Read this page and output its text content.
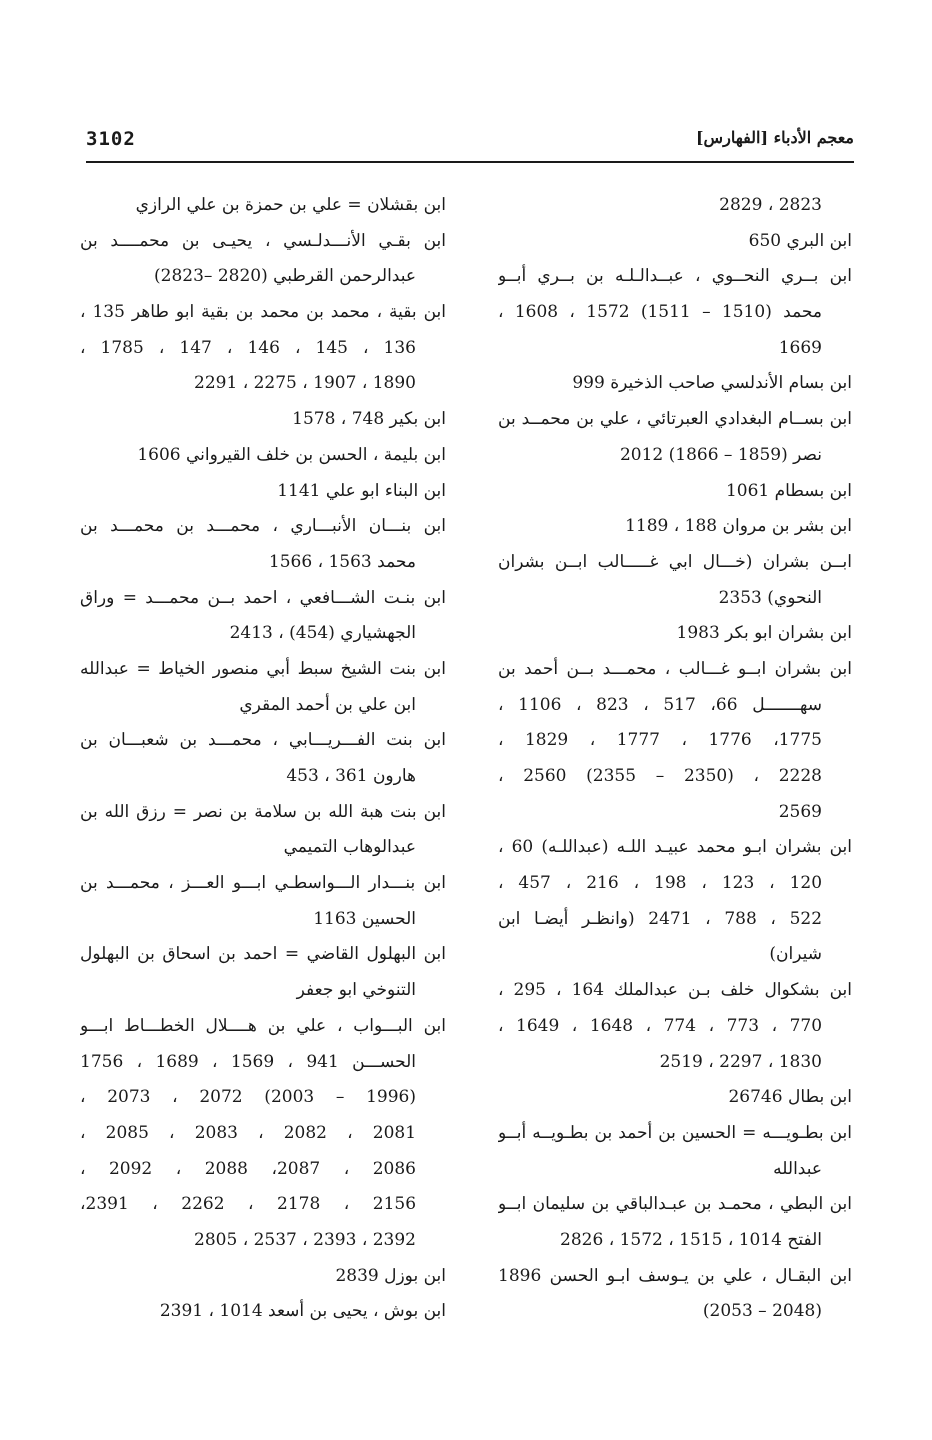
3102	معجم الأدباء [الفهارس]
2823 ، 2829
ابن البري 650
ابن بــري النحــوي ، عبــدالـلـه بن بــري أبــو
محمد (1510 – 1511) 1572 ، 1608 ،
1669
ابن بسام الأندلسي صاحب الذخيرة 999
ابن بســام البغدادي العبرتائي ، علي بن محمــد بن
نصر (1859 – 1866) 2012
ابن بسطام 1061
ابن بشر بن مروان 188 ، 1189
ابــن بشران (خـــال ابي غـــــالب ابــن بشران
النحوي) 2353
ابن بشران ابو بكر 1983
ابن بشران ابــو غـــالب ، محمـــد بــن أحمد بن
سهـــــــل 66، 517 ، 823 ، 1106 ،
1775، 1776 ، 1777 ، 1829 ،
2228 ، (2350 – 2355) 2560 ،
2569
ابن بشران ابـو محمد عبيـد اللـه (عبداللـه) 60 ،
120 ، 123 ، 198 ، 216 ، 457 ،
522 ، 788 ، 2471 (وانظـر أيضـا ابن
شيران)
ابن بشكوال خلف بـن عبدالملك 164 ، 295 ،
770 ، 773 ، 774 ، 1648 ، 1649 ،
1830 ، 2297 ، 2519
ابن بطال 26746
ابن بطـويـــه = الحسين بن أحمد بن بطـويــه أبــو
عبدالله
ابن البطي ، محمـد بن عبـدالباقي بن سليمان ابــو
الفتح 1014 ، 1515 ، 1572 ، 2826
ابن البقـال ، علي بن يـوسف ابـو الحسن 1896
(2048 – 2053)
ابن بقشلان = علي بن حمزة بن علي الرازي
ابن بقـي الأنـــدلـسي ، يحيـى بن محمــــد بن
عبدالرحمن القرطبي (2820 –2823)
ابن بقية ، محمد بن محمد بن بقية ابو طاهر 135 ،
136 ، 145 ، 146 ، 147 ، 1785 ،
1890 ، 1907 ، 2275 ، 2291
ابن بكير 748 ، 1578
ابن بليمة ، الحسن بن خلف القيرواني 1606
ابن البناء ابو علي 1141
ابن بنـــان الأنبـــاري ، محمـــد بن محمـــد بن
محمد 1563 ، 1566
ابن بنـت الشـــافعي ، احمد بــن محمـــد = وراق
الجهشياري (454) ، 2413
ابن بنت الشيخ سبط أبي منصور الخياط = عبدالله
ابن علي بن أحمد المقري
ابن بنت الفـــريـــابي ، محمـــد بن شعبـــان بن
هارون 361 ، 453
ابن بنت هبة الله بن سلامة بن نصر = رزق الله بن
عبدالوهاب التميمي
ابن بنـــدار الـــواسطـي ابـــو العـــز ، محمـــد بن
الحسين 1163
ابن البهلول القاضي = احمد بن اسحاق بن البهلول
التنوخي ابو جعفر
ابن البـــواب ، علي بن هــــلال الخطـــاط ابـــو
الحســـن 941 ، 1569 ، 1689 ، 1756
(1996 – 2003) 2072 ، 2073 ،
2081 ، 2082 ، 2083 ، 2085 ،
2086 ، 2087، 2088 ، 2092 ،
2156 ، 2178 ، 2262 ، 2391،
2392 ، 2393 ، 2537 ، 2805
ابن بوزل 2839
ابن بوش ، يحيى بن أسعد 1014 ، 2391
